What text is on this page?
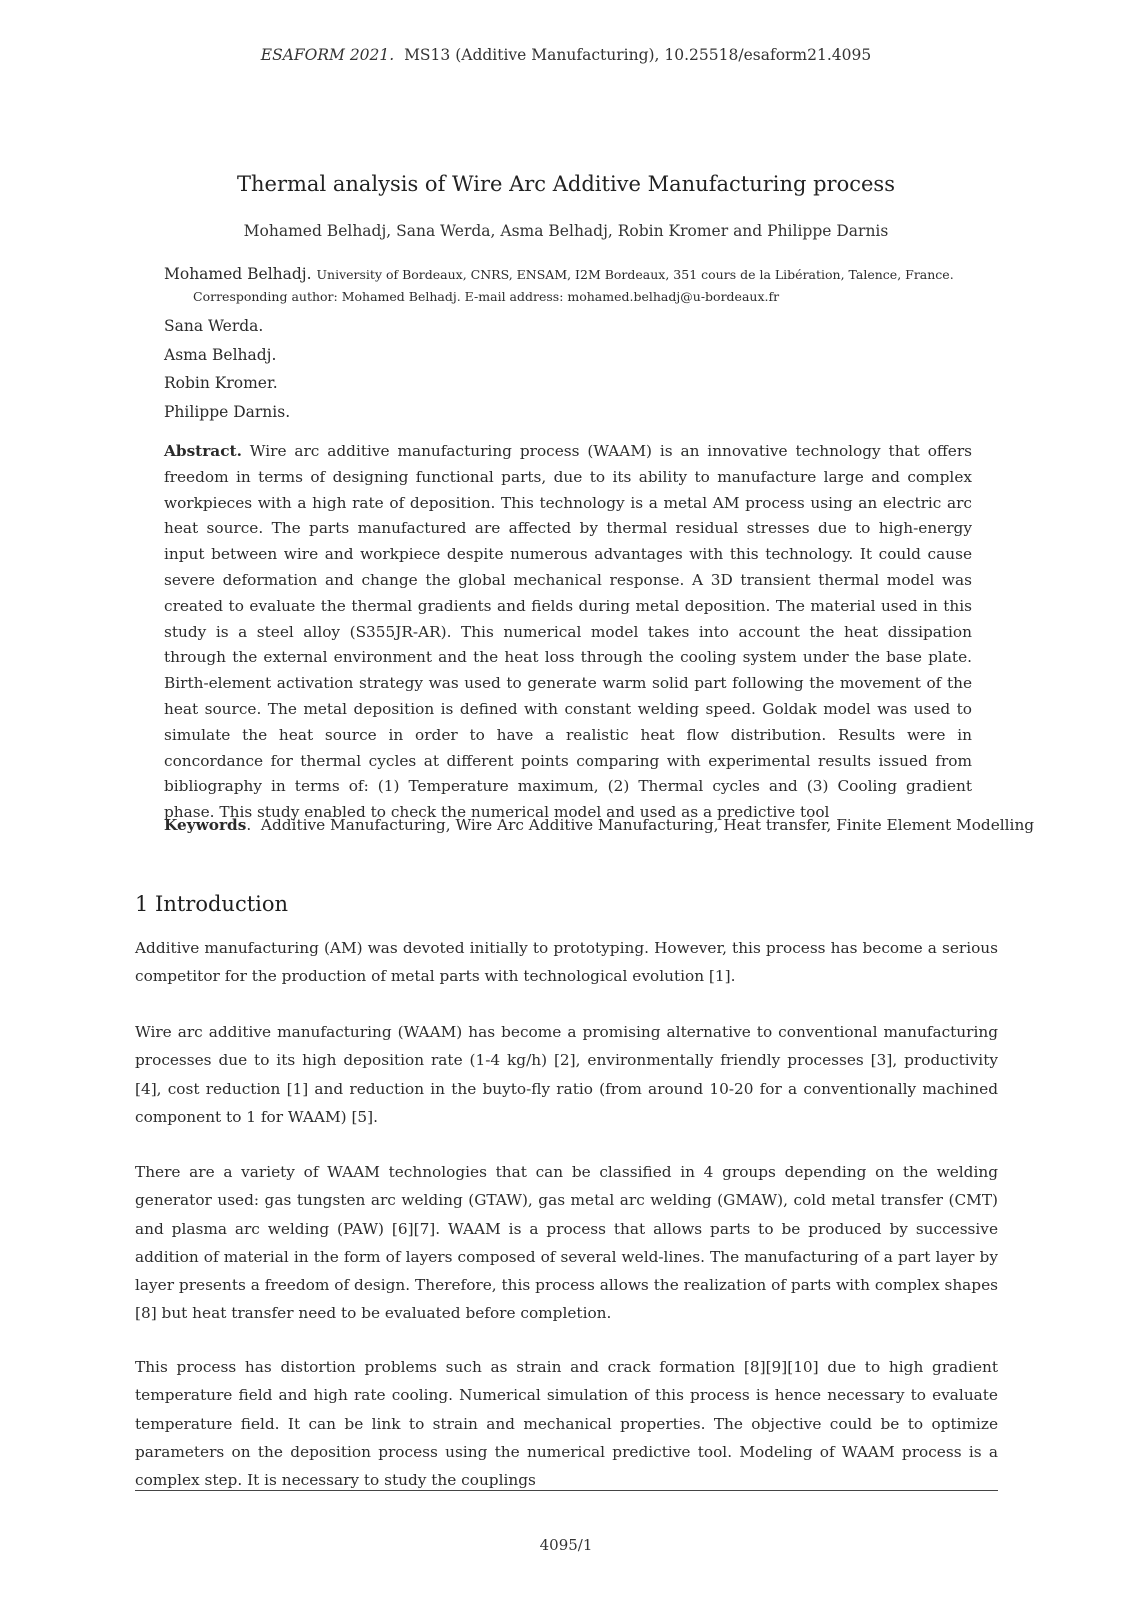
ESAFORM 2021. MS13 (Additive Manufacturing), 10.25518/esaform21.4095
Thermal analysis of Wire Arc Additive Manufacturing process
Mohamed Belhadj, Sana Werda, Asma Belhadj, Robin Kromer and Philippe Darnis
Mohamed Belhadj. University of Bordeaux, CNRS, ENSAM, I2M Bordeaux, 351 cours de la Libération, Talence, France.
Corresponding author: Mohamed Belhadj. E-mail address: mohamed.belhadj@u-bordeaux.fr
Sana Werda.
Asma Belhadj.
Robin Kromer.
Philippe Darnis.
Abstract. Wire arc additive manufacturing process (WAAM) is an innovative technology that offers freedom in terms of designing functional parts, due to its ability to manufacture large and complex workpieces with a high rate of deposition. This technology is a metal AM process using an electric arc heat source. The parts manufactured are affected by thermal residual stresses due to high-energy input between wire and workpiece despite numerous advantages with this technology. It could cause severe deformation and change the global mechanical response. A 3D transient thermal model was created to evaluate the thermal gradients and fields during metal deposition. The material used in this study is a steel alloy (S355JR-AR). This numerical model takes into account the heat dissipation through the external environment and the heat loss through the cooling system under the base plate. Birth-element activation strategy was used to generate warm solid part following the movement of the heat source. The metal deposition is defined with constant welding speed. Goldak model was used to simulate the heat source in order to have a realistic heat flow distribution. Results were in concordance for thermal cycles at different points comparing with experimental results issued from bibliography in terms of: (1) Temperature maximum, (2) Thermal cycles and (3) Cooling gradient phase. This study enabled to check the numerical model and used as a predictive tool
Keywords.  Additive Manufacturing, Wire Arc Additive Manufacturing, Heat transfer, Finite Element Modelling
1 Introduction

Additive manufacturing (AM) was devoted initially to prototyping. However, this process has become a serious competitor for the production of metal parts with technological evolution [1].

Wire arc additive manufacturing (WAAM) has become a promising alternative to conventional manufacturing processes due to its high deposition rate (1-4 kg/h) [2], environmentally friendly processes [3], productivity [4], cost reduction [1] and reduction in the buyto-fly ratio (from around 10-20 for a conventionally machined component to 1 for WAAM) [5].

There are a variety of WAAM technologies that can be classified in 4 groups depending on the welding generator used: gas tungsten arc welding (GTAW), gas metal arc welding (GMAW), cold metal transfer (CMT) and plasma arc welding (PAW) [6][7]. WAAM is a process that allows parts to be produced by successive addition of material in the form of layers composed of several weld-lines. The manufacturing of a part layer by layer presents a freedom of design. Therefore, this process allows the realization of parts with complex shapes [8] but heat transfer need to be evaluated before completion.

This process has distortion problems such as strain and crack formation [8][9][10] due to high gradient temperature field and high rate cooling. Numerical simulation of this process is hence necessary to evaluate temperature field. It can be link to strain and mechanical properties. The objective could be to optimize parameters on the deposition process using the numerical predictive tool. Modeling of WAAM process is a complex step. It is necessary to study the couplings

4095/1
